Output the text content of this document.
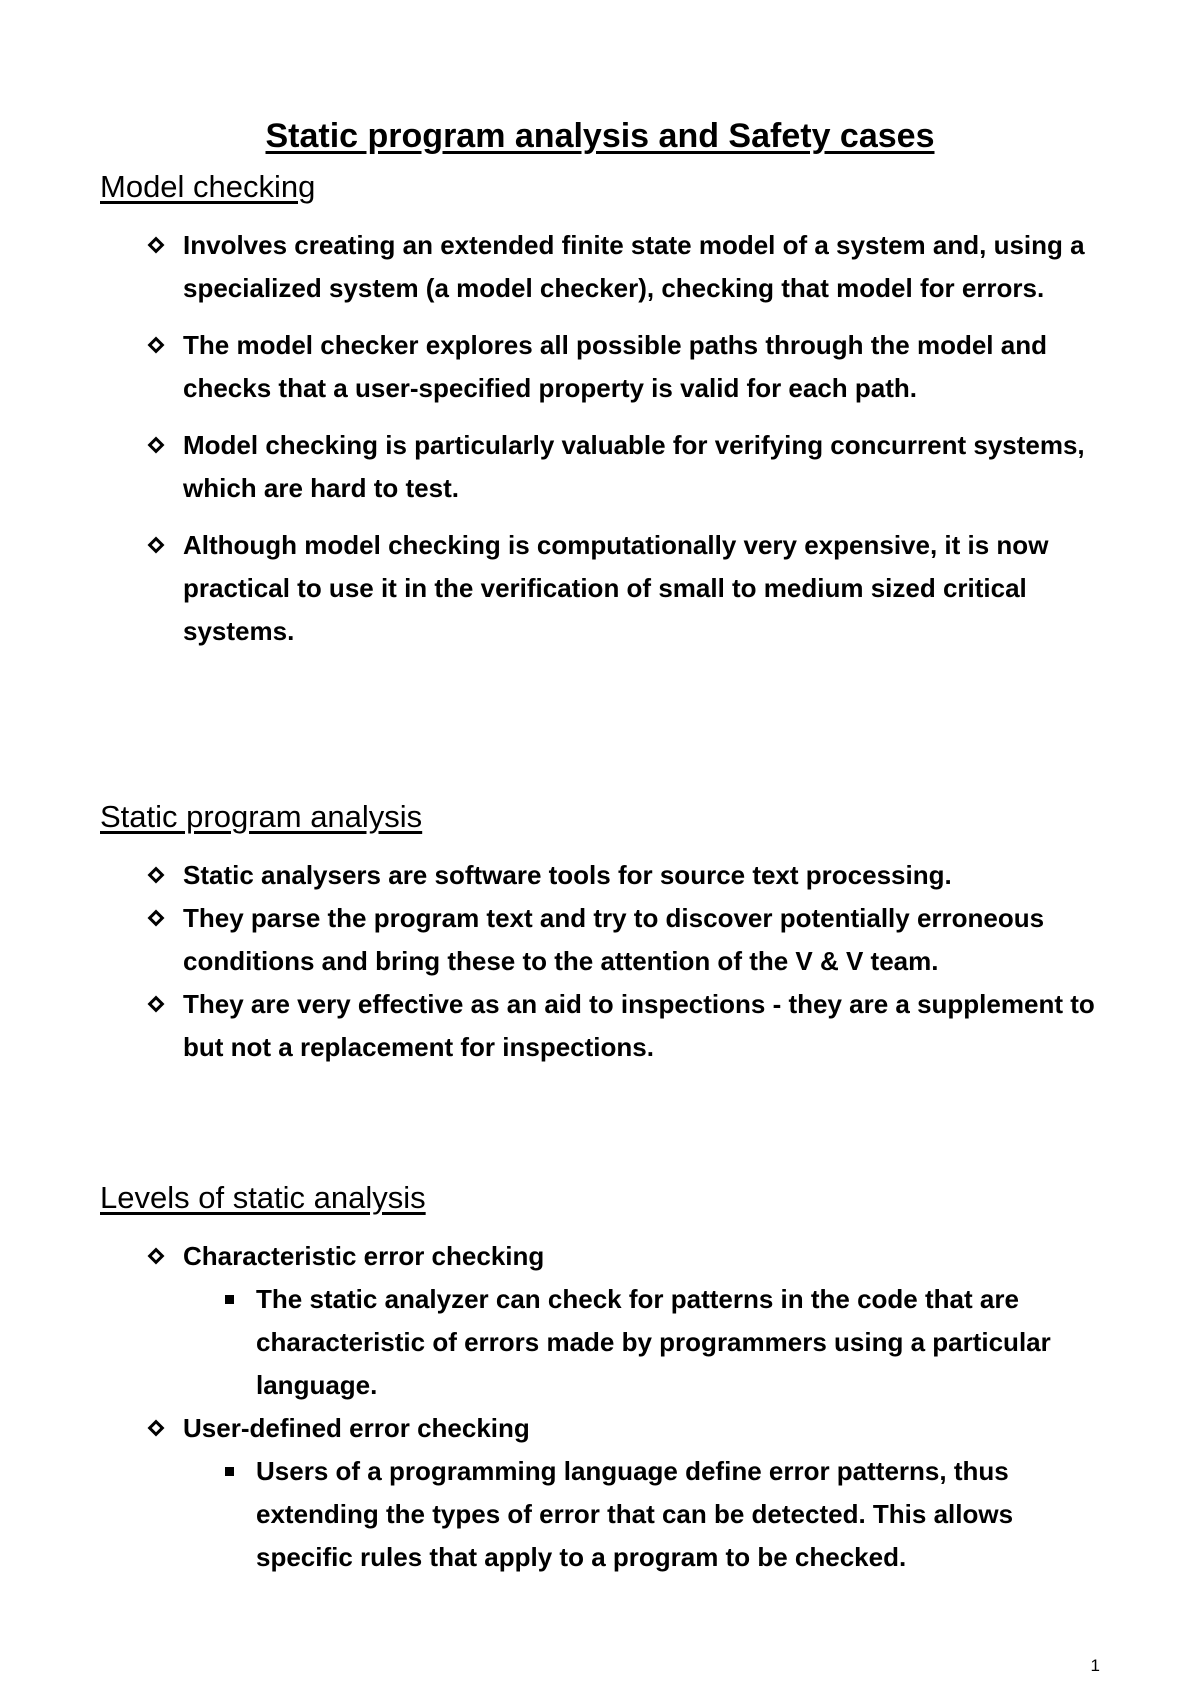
Static program analysis and Safety cases
Model checking
Involves creating an extended finite state model of a system and, using a specialized system (a model checker), checking that model for errors.
The model checker explores all possible paths through the model and checks that a user-specified property is valid for each path.
Model checking is particularly valuable for verifying concurrent systems, which are hard to test.
Although model checking is computationally very expensive, it is now practical to use it in the verification of small to medium sized critical systems.
Static program analysis
Static analysers are software tools for source text processing.
They parse the program text and try to discover potentially erroneous conditions and bring these to the attention of the V & V team.
They are very effective as an aid to inspections - they are a supplement to but not a replacement for inspections.
Levels of static analysis
Characteristic error checking
The static analyzer can check for patterns in the code that are characteristic of errors made by programmers using a particular language.
User-defined error checking
Users of a programming language define error patterns, thus extending the types of error that can be detected. This allows specific rules that apply to a program to be checked.
1
